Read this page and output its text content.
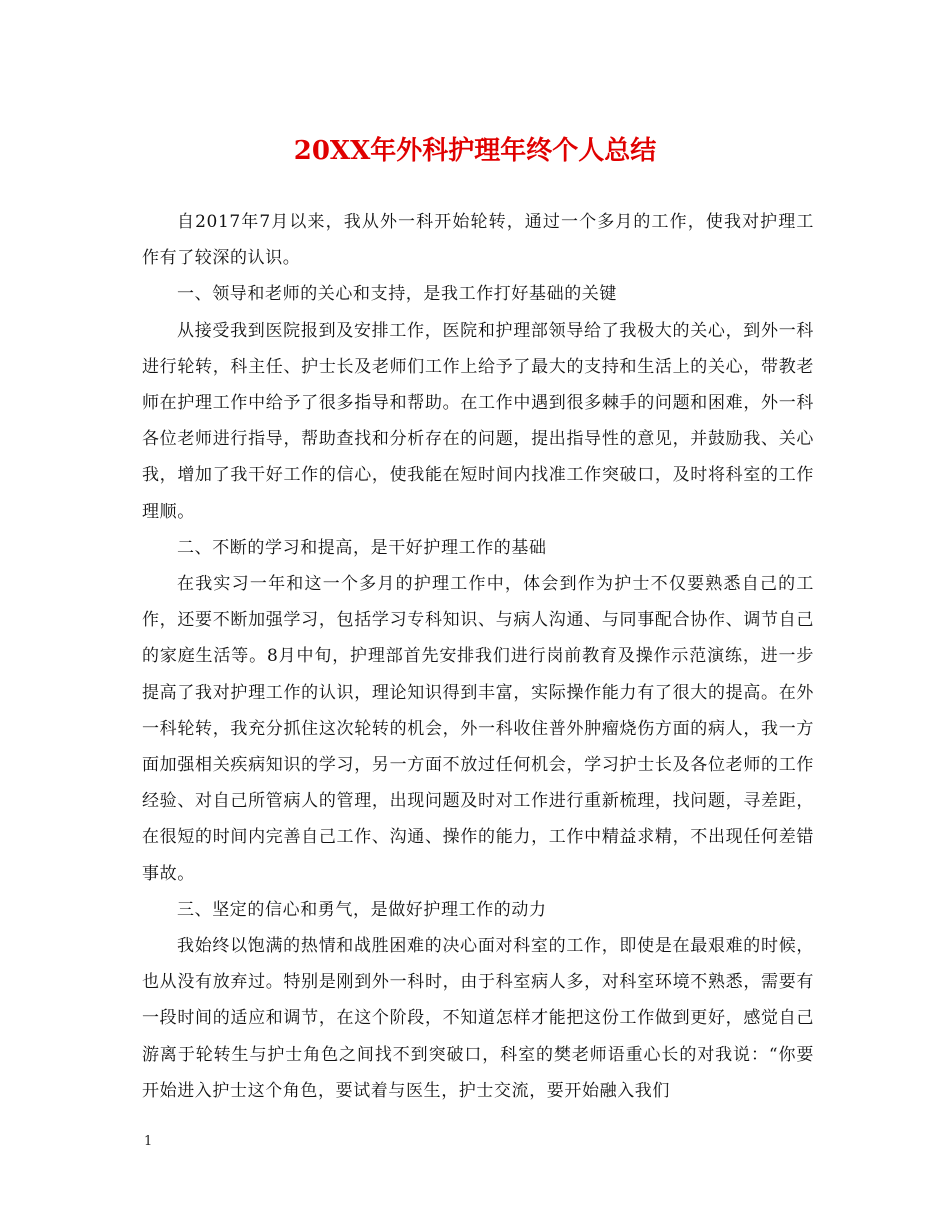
20XX年外科护理年终个人总结

自2017年7月以来，我从外一科开始轮转，通过一个多月的工作，使我对护理工作有了较深的认识。

一、领导和老师的关心和支持，是我工作打好基础的关键

从接受我到医院报到及安排工作，医院和护理部领导给了我极大的关心，到外一科进行轮转，科主任、护士长及老师们工作上给予了最大的支持和生活上的关心，带教老师在护理工作中给予了很多指导和帮助。在工作中遇到很多棘手的问题和困难，外一科各位老师进行指导，帮助查找和分析存在的问题，提出指导性的意见，并鼓励我、关心我，增加了我干好工作的信心，使我能在短时间内找准工作突破口，及时将科室的工作理顺。

二、不断的学习和提高，是干好护理工作的基础

在我实习一年和这一个多月的护理工作中，体会到作为护士不仅要熟悉自己的工作，还要不断加强学习，包括学习专科知识、与病人沟通、与同事配合协作、调节自己的家庭生活等。8月中旬，护理部首先安排我们进行岗前教育及操作示范演练，进一步提高了我对护理工作的认识，理论知识得到丰富，实际操作能力有了很大的提高。在外一科轮转，我充分抓住这次轮转的机会，外一科收住普外肿瘤烧伤方面的病人，我一方面加强相关疾病知识的学习，另一方面不放过任何机会，学习护士长及各位老师的工作经验、对自己所管病人的管理，出现问题及时对工作进行重新梳理，找问题，寻差距，在很短的时间内完善自己工作、沟通、操作的能力，工作中精益求精，不出现任何差错事故。

三、坚定的信心和勇气，是做好护理工作的动力

我始终以饱满的热情和战胜困难的决心面对科室的工作，即使是在最艰难的时候，也从没有放弃过。特别是刚到外一科时，由于科室病人多，对科室环境不熟悉，需要有一段时间的适应和调节，在这个阶段，不知道怎样才能把这份工作做到更好，感觉自己游离于轮转生与护士角色之间找不到突破口，科室的樊老师语重心长的对我说：“你要开始进入护士这个角色，要试着与医生，护士交流，要开始融入我们

1
